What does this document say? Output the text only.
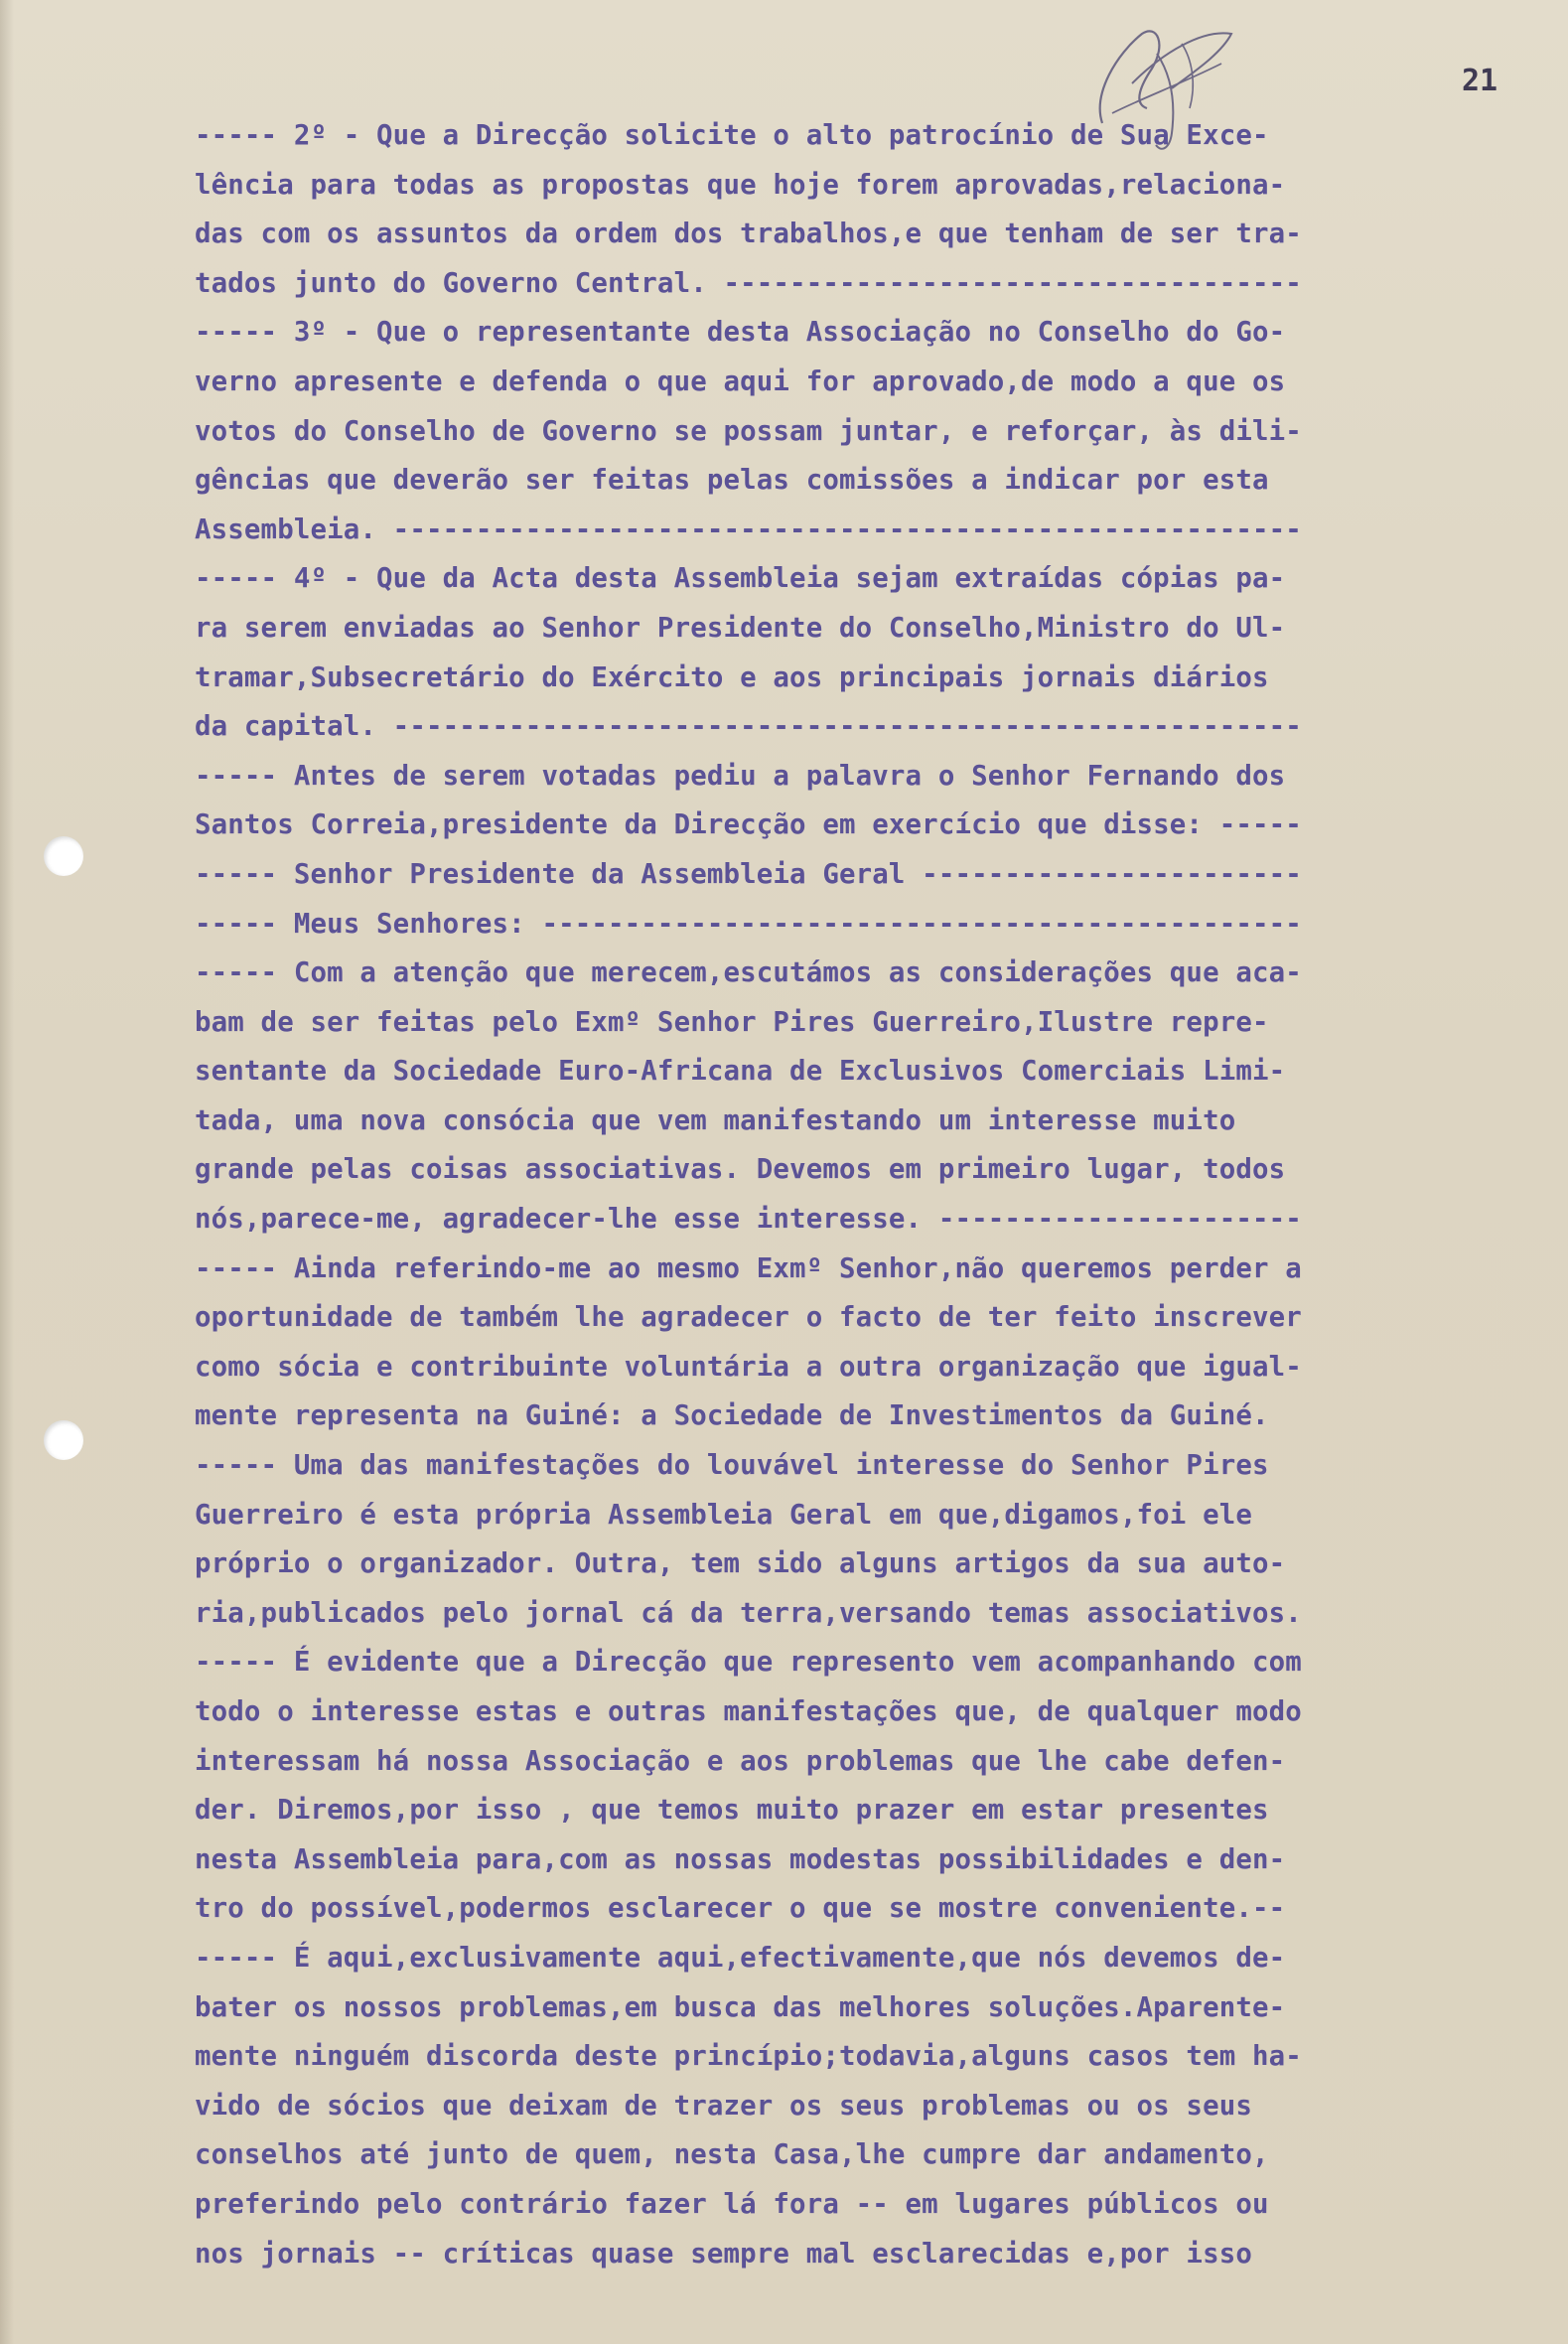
21
----- 2º - Que a Direcção solicite o alto patrocínio de Sua Exce-
lência para todas as propostas que hoje forem aprovadas,relaciona-
das com os assuntos da ordem dos trabalhos,e que tenham de ser tra-
tados junto do Governo Central. -----------------------------------
----- 3º - Que o representante desta Associação no Conselho do Go-
verno apresente e defenda o que aqui for aprovado,de modo a que os
votos do Conselho de Governo se possam juntar, e reforçar, às dili-
gências que deverão ser feitas pelas comissões a indicar por esta
Assembleia. -------------------------------------------------------
----- 4º - Que da Acta desta Assembleia sejam extraídas cópias pa-
ra serem enviadas ao Senhor Presidente do Conselho,Ministro do Ul-
tramar,Subsecretário do Exército e aos principais jornais diários
da capital. -------------------------------------------------------
----- Antes de serem votadas pediu a palavra o Senhor Fernando dos
Santos Correia,presidente da Direcção em exercício que disse: -----
----- Senhor Presidente da Assembleia Geral -----------------------
----- Meus Senhores: ----------------------------------------------
----- Com a atenção que merecem,escutámos as considerações que aca-
bam de ser feitas pelo Exmº Senhor Pires Guerreiro,Ilustre repre-
sentante da Sociedade Euro-Africana de Exclusivos Comerciais Limi-
tada, uma nova consócia que vem manifestando um interesse muito
grande pelas coisas associativas. Devemos em primeiro lugar, todos
nós,parece-me, agradecer-lhe esse interesse. ----------------------
----- Ainda referindo-me ao mesmo Exmº Senhor,não queremos perder a
oportunidade de também lhe agradecer o facto de ter feito inscrever
como sócia e contribuinte voluntária a outra organização que igual-
mente representa na Guiné: a Sociedade de Investimentos da Guiné.
----- Uma das manifestações do louvável interesse do Senhor Pires
Guerreiro é esta própria Assembleia Geral em que,digamos,foi ele
próprio o organizador. Outra, tem sido alguns artigos da sua auto-
ria,publicados pelo jornal cá da terra,versando temas associativos.
----- É evidente que a Direcção que represento vem acompanhando com
todo o interesse estas e outras manifestações que, de qualquer modo
interessam há nossa Associação e aos problemas que lhe cabe defen-
der. Diremos,por isso , que temos muito prazer em estar presentes
nesta Assembleia para,com as nossas modestas possibilidades e den-
tro do possível,podermos esclarecer o que se mostre conveniente.--
----- É aqui,exclusivamente aqui,efectivamente,que nós devemos de-
bater os nossos problemas,em busca das melhores soluções.Aparente-
mente ninguém discorda deste princípio;todavia,alguns casos tem ha-
vido de sócios que deixam de trazer os seus problemas ou os seus
conselhos até junto de quem, nesta Casa,lhe cumpre dar andamento,
preferindo pelo contrário fazer lá fora -- em lugares públicos ou
nos jornais -- críticas quase sempre mal esclarecidas e,por isso
